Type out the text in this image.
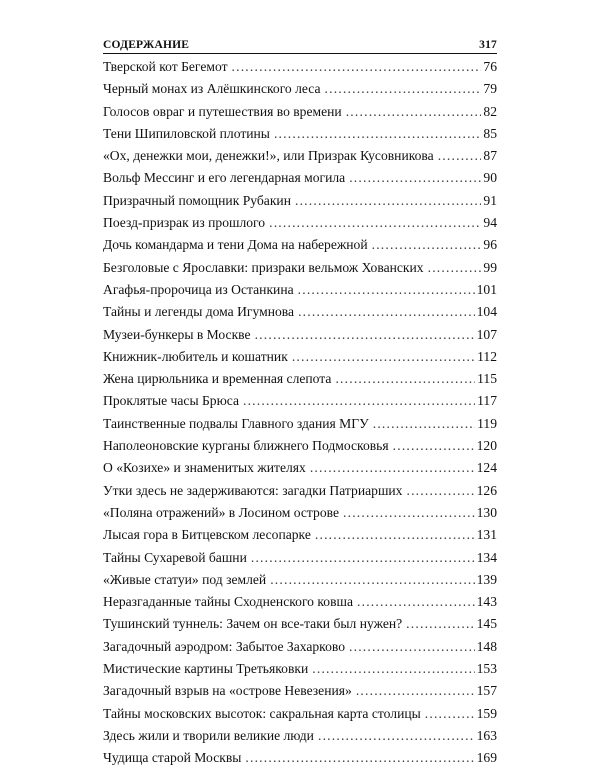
СОДЕРЖАНИЕ	317
Тверской кот Бегемот .....	76
Черный монах из Алёшкинского леса .....	79
Голосов овраг и путешествия во времени .....	82
Тени Шипиловской плотины .....	85
«Ох, денежки мои, денежки!», или Призрак Кусовникова .....	87
Вольф Мессинг и его легендарная могила .....	90
Призрачный помощник Рубакин .....	91
Поезд-призрак из прошлого .....	94
Дочь командарма и тени Дома на набережной .....	96
Безголовые с Ярославки: призраки вельмож Хованских .....	99
Агафья-пророчица из Останкина .....	101
Тайны и легенды дома Игумнова .....	104
Музеи-бункеры в Москве .....	107
Книжник-любитель и кошатник .....	112
Жена цирюльника и временная слепота .....	115
Проклятые часы Брюса .....	117
Таинственные подвалы Главного здания МГУ .....	119
Наполеоновские курганы ближнего Подмосковья .....	120
О «Козихе» и знаменитых жителях .....	124
Утки здесь не задерживаются: загадки Патриарших .....	126
«Поляна отражений» в Лосином острове .....	130
Лысая гора в Битцевском лесопарке .....	131
Тайны Сухаревой башни .....	134
«Живые статуи» под землей .....	139
Неразгаданные тайны Сходненского ковша .....	143
Тушинский туннель: Зачем он все-таки был нужен? .....	145
Загадочный аэродром: Забытое Захарково .....	148
Мистические картины Третьяковки .....	153
Загадочный взрыв на «острове Невезения» .....	157
Тайны московских высоток: сакральная карта столицы .....	159
Здесь жили и творили великие люди .....	163
Чудища старой Москвы .....	169
